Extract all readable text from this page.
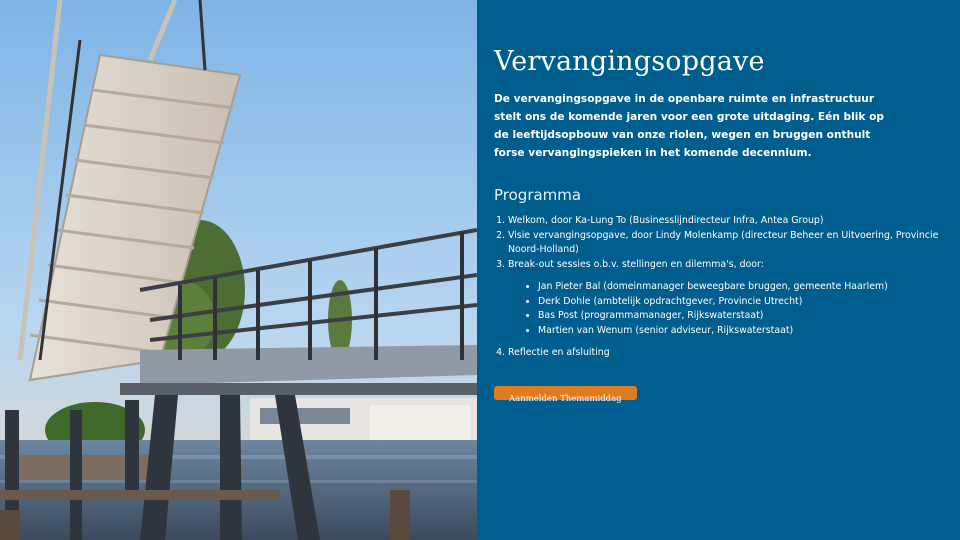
Vervangingsopgave

De vervangingsopgave in de openbare ruimte en infrastructuur stelt ons de komende jaren voor een grote uitdaging. Eén blik op de leeftijdsopbouw van onze riolen, wegen en bruggen onthult forse vervangingspieken in het komende decennium.

Programma
1. Welkom, door Ka-Lung To (Businesslijndirecteur Infra, Antea Group)
2. Visie vervangingsopgave, door Lindy Molenkamp (directeur Beheer en Uitvoering, Provincie Noord-Holland)
3. Break-out sessies o.b.v. stellingen en dilemma's, door:
• Jan Pieter Bal (domeinmanager beweegbare bruggen, gemeente Haarlem)
• Derk Dohle (ambtelijk opdrachtgever, Provincie Utrecht)
• Bas Post (programmamanager, Rijkswaterstaat)
• Martien van Wenum (senior adviseur, Rijkswaterstaat)
4. Reflectie en afsluiting
Aanmelden Themamiddag
